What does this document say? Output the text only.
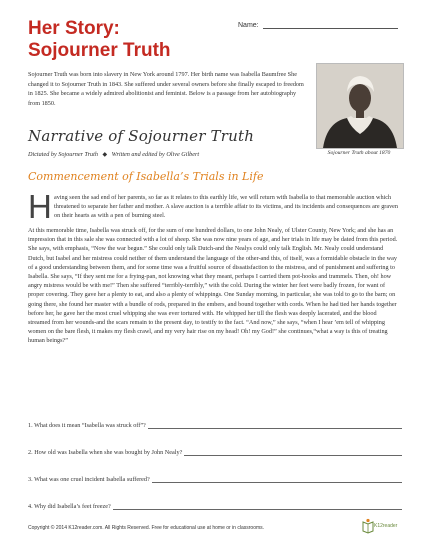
Her Story:
Sojourner Truth
Name:
Sojourner Truth was born into slavery in New York around 1797. Her birth name was Isabella Baumfree She changed it to Sojourner Truth in 1843. She suffered under several owners before she finally escaped to freedom in 1825. She became a widely admired abolitionist and feminist. Below is a passage from her autobiography from 1850.
Sojourner Truth about 1870
Narrative of Sojourner Truth
Dictated by Sojourner Truth ◆ Written and edited by Olive Gilbert
Commencement of Isabella’s Trials in Life
H aving seen the sad end of her parents, so far as it relates to this earthly life, we will return with Isabella to that memorable auction which threatened to separate her father and mother. A slave auction is a terrible affair to its victims, and its incidents and consequences are graven on their hearts as with a pen of burning steel.
At this memorable time, Isabella was struck off, for the sum of one hundred dollars, to one John Nealy, of Ulster County, New York; and she has an impression that in this sale she was connected with a lot of sheep. She was now nine years of age, and her trials in life may be dated from this period. She says, with emphasis, “Now the war begun.” She could only talk Dutch-and the Nealys could only talk English. Mr. Nealy could understand Dutch, but Isabel and her mistress could neither of them understand the language of the other-and this, of itself, was a formidable obstacle in the way of a good understanding between them, and for some time was a fruitful source of dissatisfaction to the mistress, and of punishment and suffering to Isabella. She says, “If they sent me for a frying-pan, not knowing what they meant, perhaps I carried them pot-hooks and trammels. Then, oh! how angry mistress would be with me!” Then she suffered “terribly-terribly,” with the cold. During the winter her feet were badly frozen, for want of proper covering. They gave her a plenty to eat, and also a plenty of whippings. One Sunday morning, in particular, she was told to go to the barn; on going there, she found her master with a bundle of rods, prepared in the embers, and bound together with cords. When he had tied her hands together before her, he gave her the most cruel whipping she was ever tortured with. He whipped her till the flesh was deeply lacerated, and the blood streamed from her wounds-and the scars remain to the present day, to testify to the fact. “And now,” she says, “when I hear ’em tell of whipping women on the bare flesh, it makes my flesh crawl, and my very hair rise on my head! Oh! my God!” she continues,“what a way is this of treating human beings?”
1. What does it mean “Isabella was struck off”?
2. How old was Isabella when she was bought by John Nealy?
3. What was one cruel incident Isabella suffered?
4. Why did Isabella’s feet freeze?
Copyright © 2014 K12reader.com. All Rights Reserved. Free for educational use at home or in classrooms.	K12reader
